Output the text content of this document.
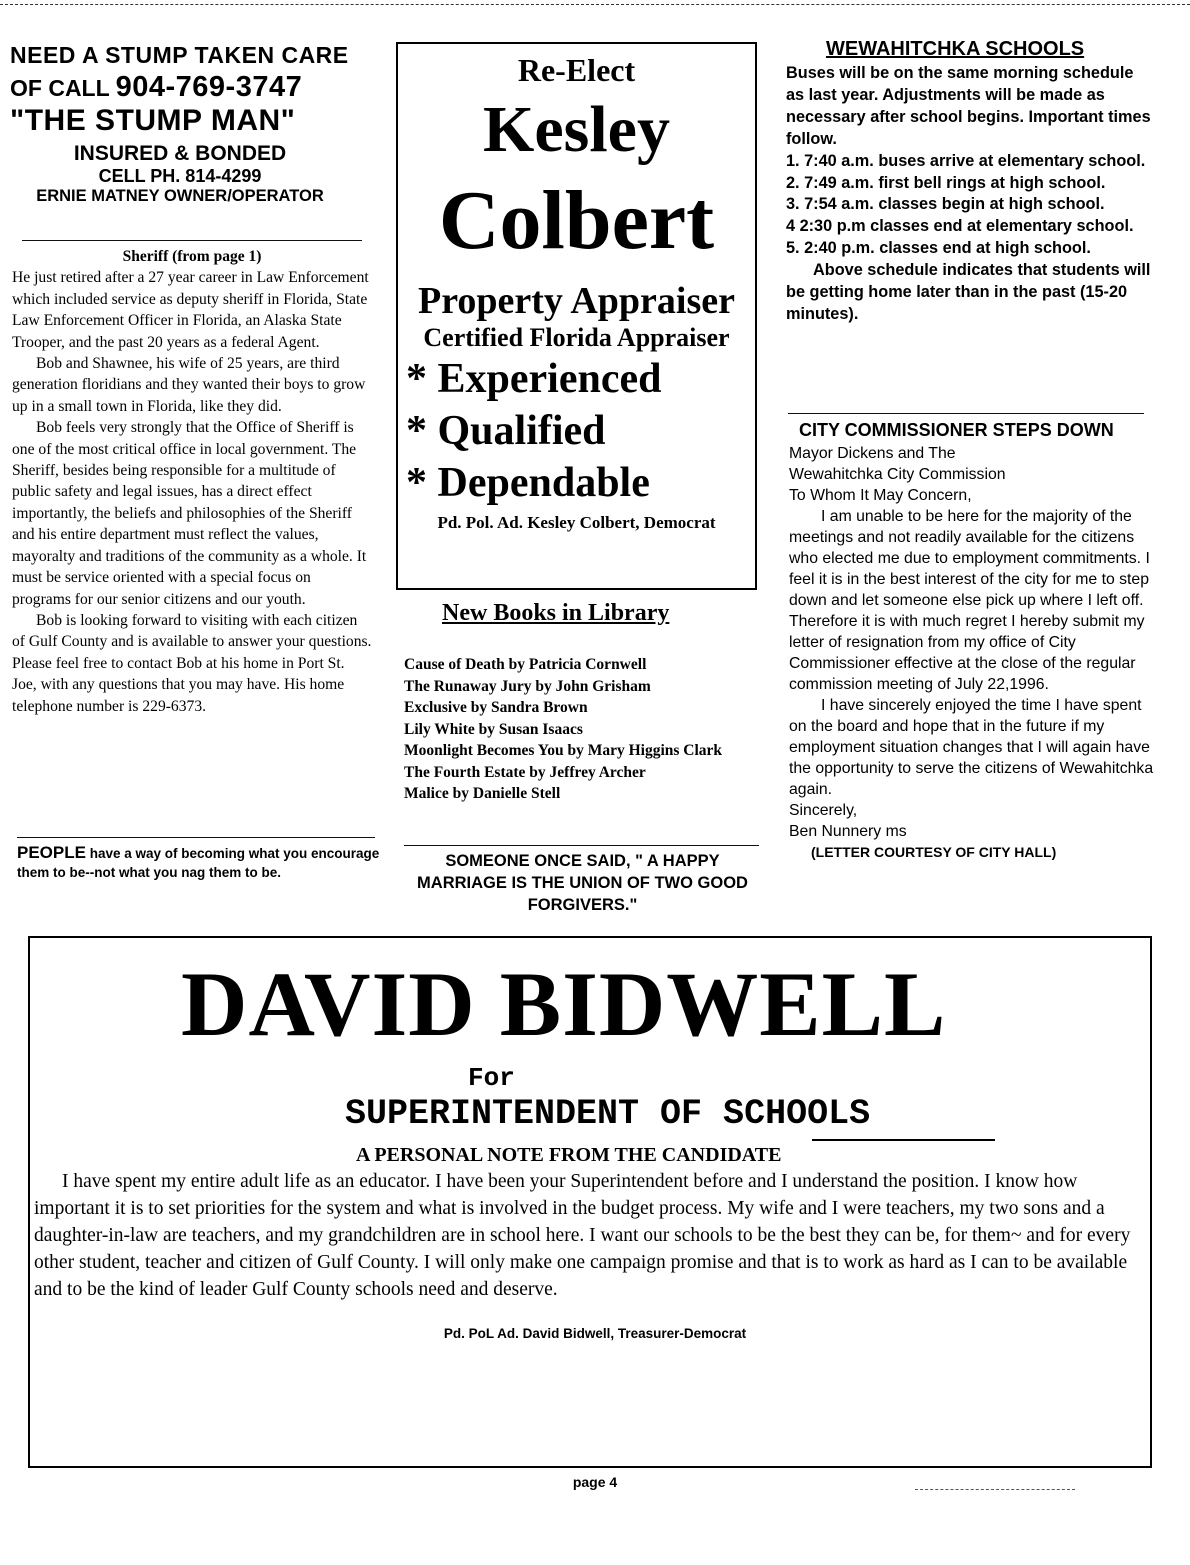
NEED A STUMP TAKEN CARE
OF CALL 904-769-3747
"THE STUMP MAN"
INSURED & BONDED
CELL PH. 814-4299
ERNIE MATNEY OWNER/OPERATOR
Sheriff (from page 1)

He just retired after a 27 year career in Law Enforcement which included service as deputy sheriff in Florida, State Law Enforcement Officer in Florida, an Alaska State Trooper, and the past 20 years as a federal Agent.

Bob and Shawnee, his wife of 25 years, are third generation floridians and they wanted their boys to grow up in a small town in Florida, like they did.

Bob feels very strongly that the Office of Sheriff is one of the most critical office in local government. The Sheriff, besides being responsible for a multitude of public safety and legal issues, has a direct effect importantly, the beliefs and philosophies of the Sheriff and his entire department must reflect the values, mayoralty and traditions of the community as a whole. It must be service oriented with a special focus on programs for our senior citizens and our youth.

Bob is looking forward to visiting with each citizen of Gulf County and is available to answer your questions. Please feel free to contact Bob at his home in Port St. Joe, with any questions that you may have. His home telephone number is 229-6373.

PEOPLE have a way of becoming what you encourage them to be--not what you nag them to be.
Re-Elect
Kesley
Colbert
Property Appraiser
Certified Florida Appraiser
* Experienced
* Qualified
* Dependable
Pd. Pol. Ad. Kesley Colbert, Democrat
New Books in Library
Cause of Death by Patricia Cornwell
The Runaway Jury by John Grisham
Exclusive by Sandra Brown
Lily White by Susan Isaacs
Moonlight Becomes You by Mary Higgins Clark
The Fourth Estate by Jeffrey Archer
Malice by Danielle Stell
SOMEONE ONCE SAID, " A HAPPY MARRIAGE IS THE UNION OF TWO GOOD FORGIVERS."
WEWAHITCHKA SCHOOLS

Buses will be on the same morning schedule as last year. Adjustments will be made as necessary after school begins. Important times follow.

1. 7:40 a.m. buses arrive at elementary school.

2. 7:49 a.m. first bell rings at high school.

3. 7:54 a.m. classes begin at high school.

4 2:30 p.m classes end at elementary school.

5. 2:40 p.m. classes end at high school.

Above schedule indicates that students will be getting home later than in the past (15-20 minutes).

CITY COMMISSIONER STEPS DOWN

Mayor Dickens and The

Wewahitchka City Commission

To Whom It May Concern,

I am unable to be here for the majority of the meetings and not readily available for the citizens who elected me due to employment commitments. I feel it is in the best interest of the city for me to step down and let someone else pick up where I left off. Therefore it is with much regret I hereby submit my letter of resignation from my office of City Commissioner effective at the close of the regular commission meeting of July 22,1996.

I have sincerely enjoyed the time I have spent on the board and hope that in the future if my employment situation changes that I will again have the opportunity to serve the citizens of Wewahitchka again.

Sincerely,

Ben Nunnery ms

(LETTER COURTESY OF CITY HALL)

DAVID BIDWELL
For
SUPERINTENDENT OF SCHOOLS
A PERSONAL NOTE FROM THE CANDIDATE

I have spent my entire adult life as an educator. I have been your Superintendent before and I understand the position. I know how important it is to set priorities for the system and what is involved in the budget process. My wife and I were teachers, my two sons and a daughter-in-law are teachers, and my grandchildren are in school here. I want our schools to be the best they can be, for them~ and for every other student, teacher and citizen of Gulf County. I will only make one campaign promise and that is to work as hard as I can to be available and to be the kind of leader Gulf County schools need and deserve.

Pd. PoL Ad. David Bidwell, Treasurer-Democrat
page 4
